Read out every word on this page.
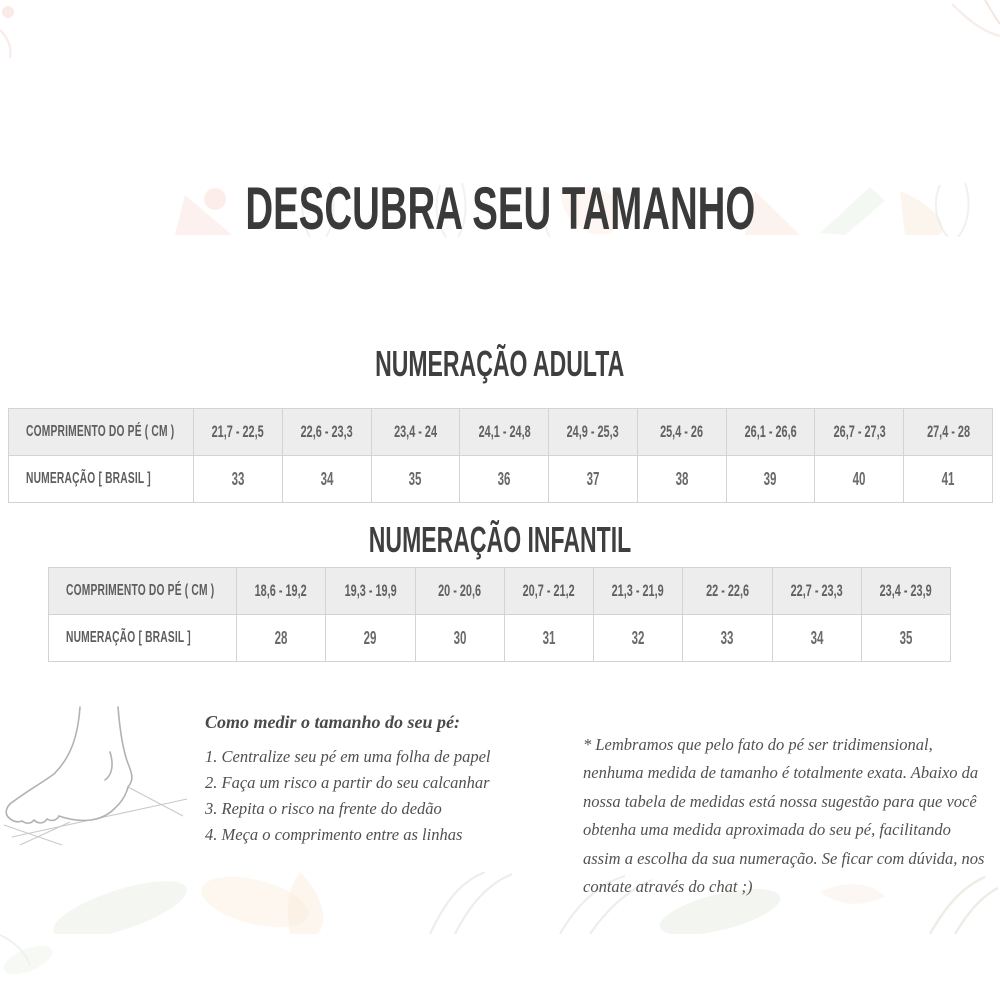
DESCUBRA SEU TAMANHO
NUMERAÇÃO ADULTA
COMPRIMENTO DO PÉ ( CM )	21,7 - 22,5	22,6 - 23,3	23,4 - 24	24,1 - 24,8	24,9 - 25,3	25,4 - 26	26,1 - 26,6	26,7 - 27,3	27,4 - 28
NUMERAÇÃO [ BRASIL ]	33	34	35	36	37	38	39	40	41
NUMERAÇÃO INFANTIL
COMPRIMENTO DO PÉ ( CM )	18,6 - 19,2	19,3 - 19,9	20 - 20,6	20,7 - 21,2	21,3 - 21,9	22 - 22,6	22,7 - 23,3	23,4 - 23,9
NUMERAÇÃO [ BRASIL ]	28	29	30	31	32	33	34	35
Como medir o tamanho do seu pé:
1. Centralize seu pé em uma folha de papel
2. Faça um risco a partir do seu calcanhar
3. Repita o risco na frente do dedão
4. Meça o comprimento entre as linhas

* Lembramos que pelo fato do pé ser tridimensional, nenhuma medida de tamanho é totalmente exata. Abaixo da nossa tabela de medidas está nossa sugestão para que você obtenha uma medida aproximada do seu pé, facilitando assim a escolha da sua numeração. Se ficar com dúvida, nos contate através do chat ;)
